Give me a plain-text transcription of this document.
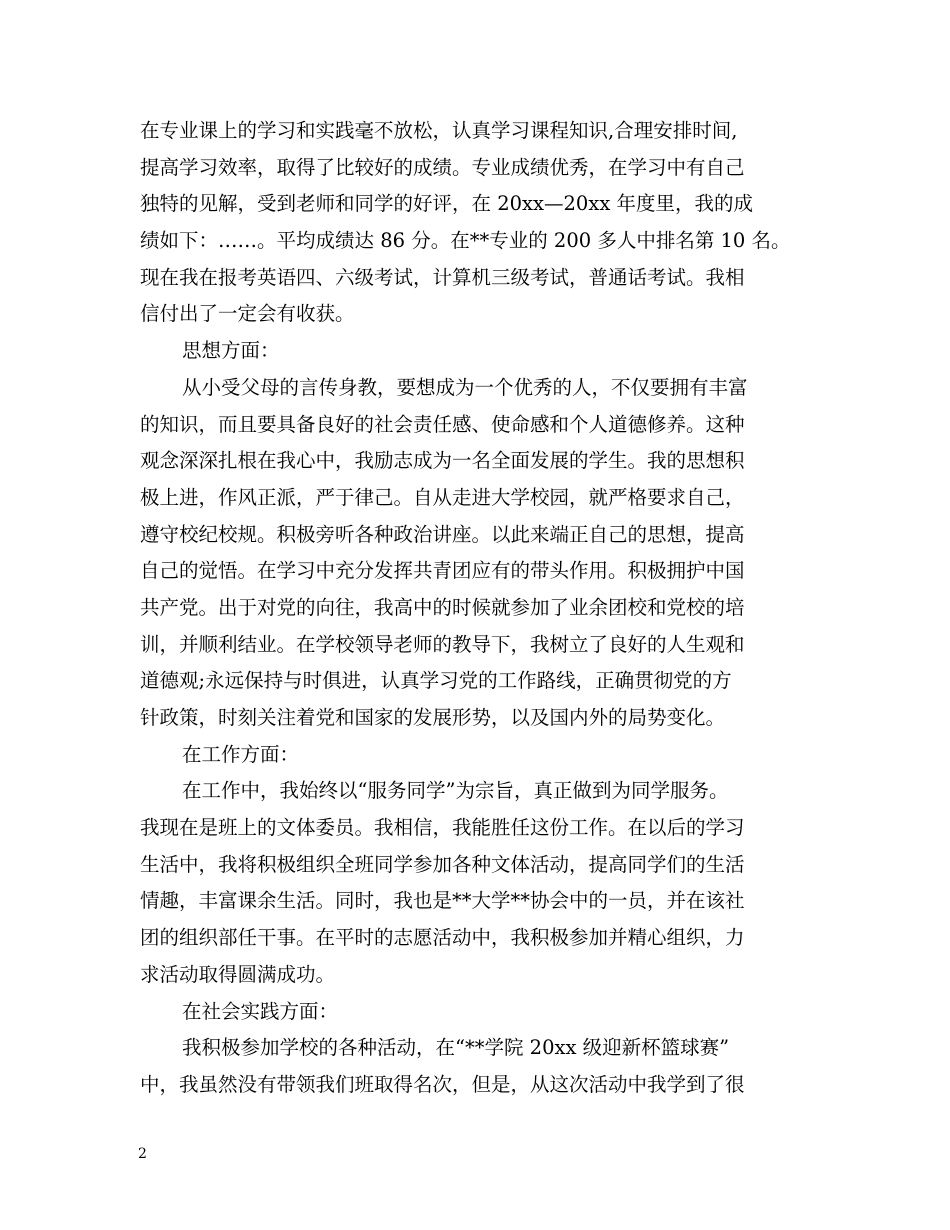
在专业课上的学习和实践毫不放松，认真学习课程知识,合理安排时间,
提高学习效率，取得了比较好的成绩。专业成绩优秀，在学习中有自己
独特的见解，受到老师和同学的好评，在 20xx—20xx 年度里，我的成
绩如下：……。平均成绩达 86 分。在**专业的 200 多人中排名第 10 名。
现在我在报考英语四、六级考试，计算机三级考试，普通话考试。我相
信付出了一定会有收获。
思想方面：
从小受父母的言传身教，要想成为一个优秀的人，不仅要拥有丰富
的知识，而且要具备良好的社会责任感、使命感和个人道德修养。这种
观念深深扎根在我心中，我励志成为一名全面发展的学生。我的思想积
极上进，作风正派，严于律己。自从走进大学校园，就严格要求自己，
遵守校纪校规。积极旁听各种政治讲座。以此来端正自己的思想，提高
自己的觉悟。在学习中充分发挥共青团应有的带头作用。积极拥护中国
共产党。出于对党的向往，我高中的时候就参加了业余团校和党校的培
训，并顺利结业。在学校领导老师的教导下，我树立了良好的人生观和
道德观;永远保持与时俱进，认真学习党的工作路线，正确贯彻党的方
针政策，时刻关注着党和国家的发展形势，以及国内外的局势变化。
在工作方面：
在工作中，我始终以“服务同学”为宗旨，真正做到为同学服务。
我现在是班上的文体委员。我相信，我能胜任这份工作。在以后的学习
生活中，我将积极组织全班同学参加各种文体活动，提高同学们的生活
情趣，丰富课余生活。同时，我也是**大学**协会中的一员，并在该社
团的组织部任干事。在平时的志愿活动中，我积极参加并精心组织，力
求活动取得圆满成功。
在社会实践方面：
我积极参加学校的各种活动，在“**学院 20xx 级迎新杯篮球赛”
中，我虽然没有带领我们班取得名次，但是，从这次活动中我学到了很
2
